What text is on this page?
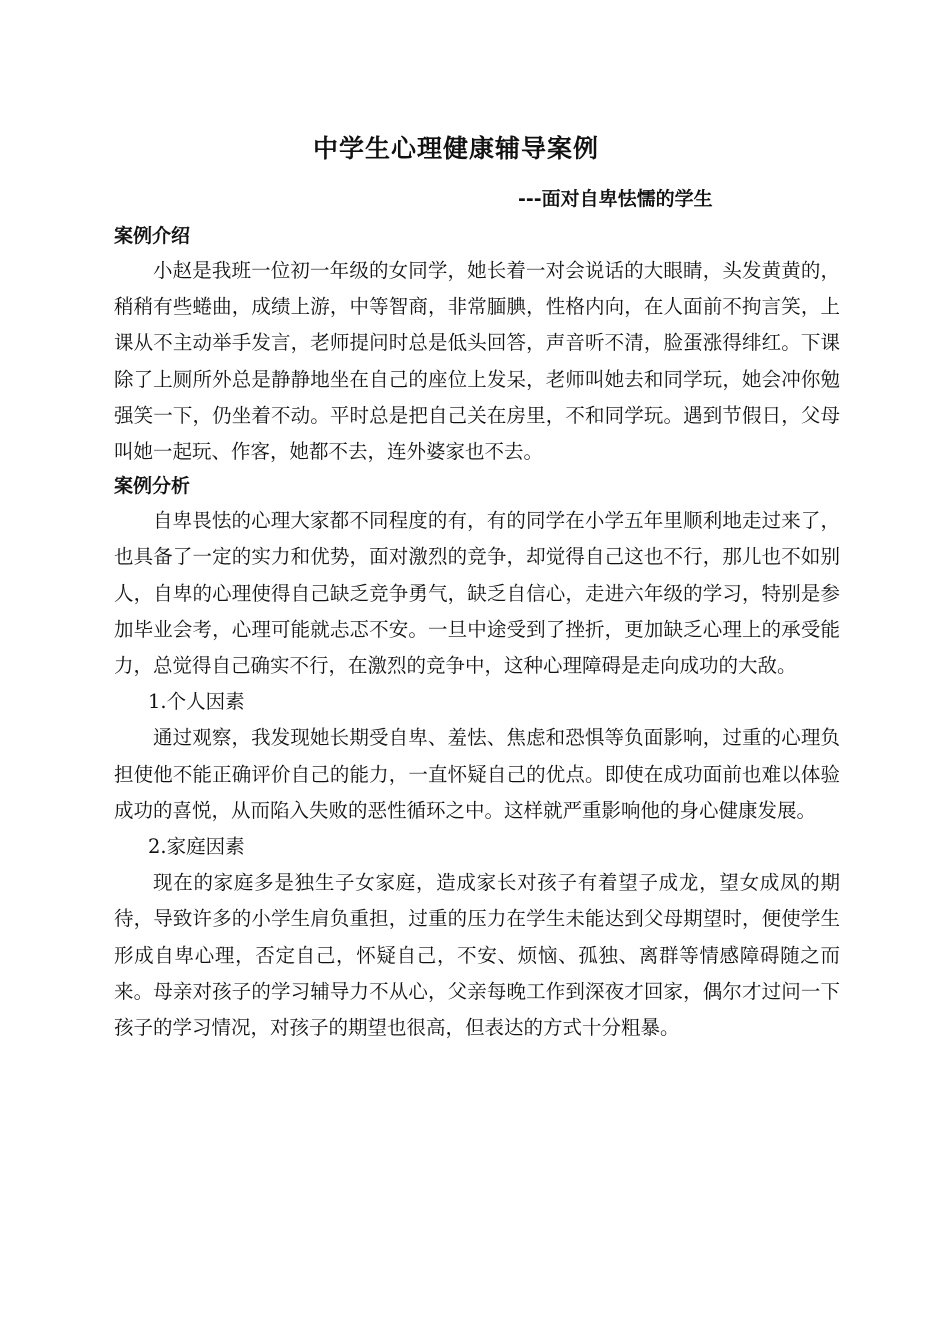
中学生心理健康辅导案例
---面对自卑怯懦的学生
案例介绍

小赵是我班一位初一年级的女同学，她长着一对会说话的大眼睛，头发黄黄的，稍稍有些蜷曲，成绩上游，中等智商，非常腼腆，性格内向，在人面前不拘言笑，上课从不主动举手发言，老师提问时总是低头回答，声音听不清，脸蛋涨得绯红。下课除了上厕所外总是静静地坐在自己的座位上发呆，老师叫她去和同学玩，她会冲你勉强笑一下，仍坐着不动。平时总是把自己关在房里，不和同学玩。遇到节假日，父母叫她一起玩、作客，她都不去，连外婆家也不去。

案例分析

自卑畏怯的心理大家都不同程度的有，有的同学在小学五年里顺利地走过来了，也具备了一定的实力和优势，面对激烈的竞争，却觉得自己这也不行，那儿也不如别人，自卑的心理使得自己缺乏竞争勇气，缺乏自信心，走进六年级的学习，特别是参加毕业会考，心理可能就忐忑不安。一旦中途受到了挫折，更加缺乏心理上的承受能力，总觉得自己确实不行，在激烈的竞争中，这种心理障碍是走向成功的大敌。

1.个人因素

通过观察，我发现她长期受自卑、羞怯、焦虑和恐惧等负面影响，过重的心理负担使他不能正确评价自己的能力，一直怀疑自己的优点。即使在成功面前也难以体验成功的喜悦，从而陷入失败的恶性循环之中。这样就严重影响他的身心健康发展。

2.家庭因素

现在的家庭多是独生子女家庭，造成家长对孩子有着望子成龙，望女成凤的期待，导致许多的小学生肩负重担，过重的压力在学生未能达到父母期望时，便使学生形成自卑心理，否定自己，怀疑自己，不安、烦恼、孤独、离群等情感障碍随之而来。母亲对孩子的学习辅导力不从心，父亲每晚工作到深夜才回家，偶尔才过问一下孩子的学习情况，对孩子的期望也很高，但表达的方式十分粗暴。
